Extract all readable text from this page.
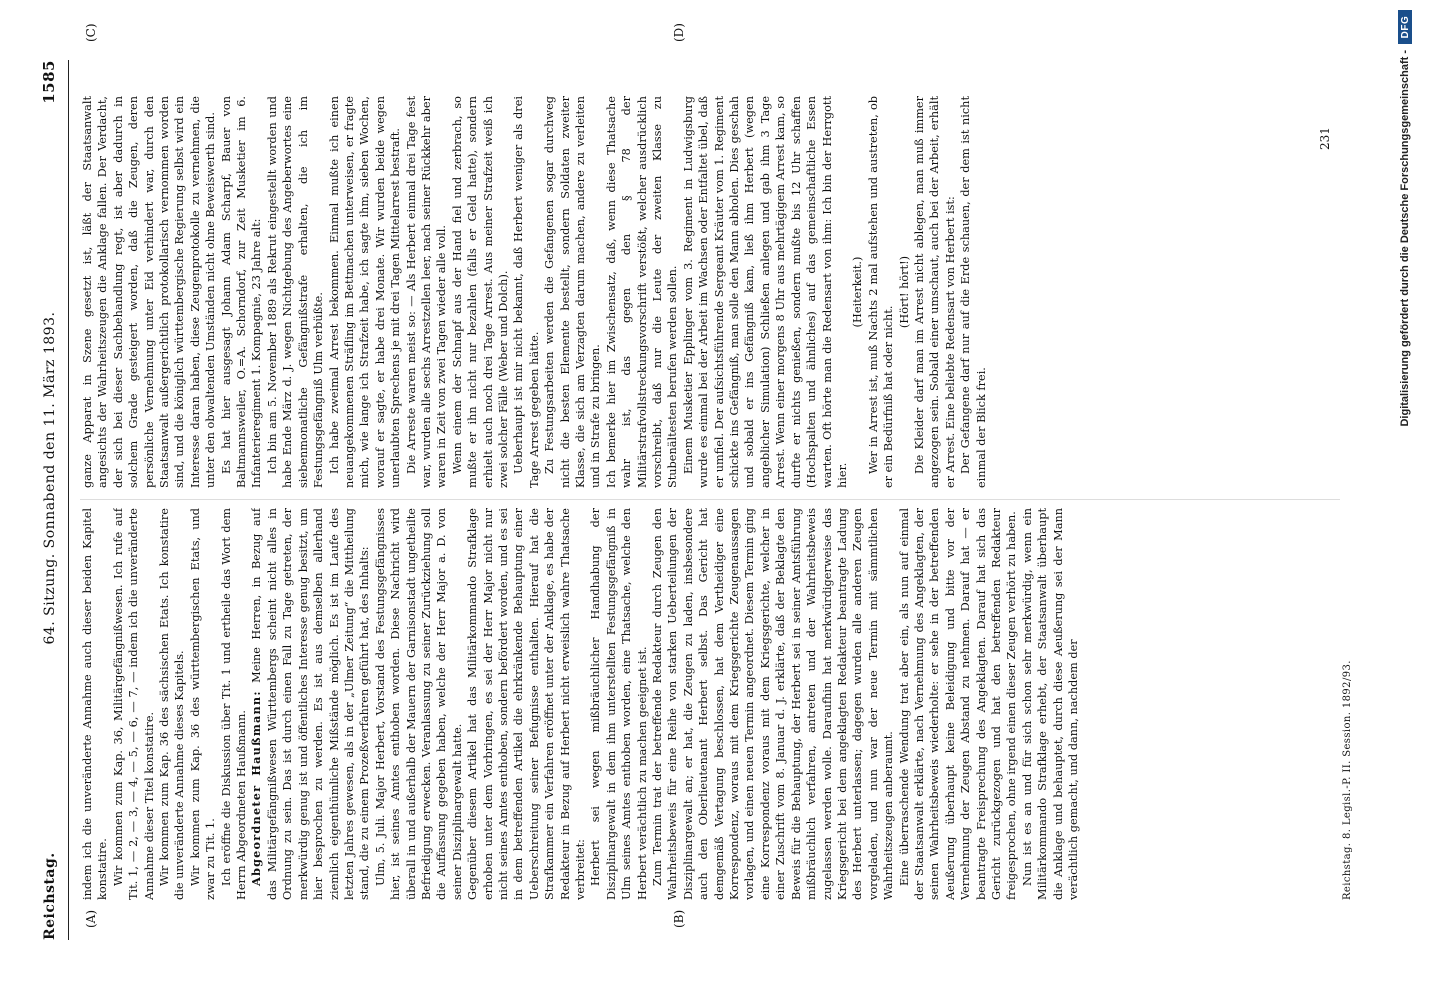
Reichstag.
64. Sitzung. Sonnabend den 11. März 1893.
1585
(A)	(B)
(C)	(D)

indem ich die unveränderte Annahme auch dieser beiden Kapitel konstatire. Wir kommen zum Kap. 36, Militärgefängnißwesen. Ich rufe auf Tit. 1, — 2, — 3, — 4, — 5, — 6, — 7, — indem ich die unveränderte Annahme dieser Titel konstatire. Wir kommen zum Kap. 36 des sächsischen Etats. Ich konstatire die unveränderte Annahme dieses Kapitels. Wir kommen zum Kap. 36 des württembergischen Etats, und zwar zu Tit. 1. Ich eröffne die Diskussion über Tit. 1 und ertheile das Wort dem Herrn Abgeordneten Haußmann. Abgeordneter Haußmann: Meine Herren, in Bezug auf das Militärgefängnißwesen Württembergs scheint nicht alles in Ordnung zu sein. Das ist durch einen Fall zu Tage getreten, der merkwürdig genug ist und öffentliches Interesse genug besitzt, um hier besprochen zu werden. Es ist aus demselben allerhand ziemlich eigenthümliche Mißstände möglich. Es ist im Laufe des letzten Jahres gewesen, als in der „Ulmer Zeitung“ die Mittheilung stand, die zu einem Prozeßverfahren geführt hat, des Inhalts: Ulm, 5. Juli. Major Herbert, Vorstand des Festungsgefängnisses hier, ist seines Amtes enthoben worden. Diese Nachricht wird überall in und außerhalb der Mauern der Garnisonstadt ungetheilte Befriedigung erwecken. Veranlassung zu seiner Zurückziehung soll die Auffassung gegeben haben, welche der Herr Major a. D. von seiner Disziplinargewalt hatte. Gegenüber diesem Artikel hat das Militärkommando Strafklage erhoben unter dem Vorbringen, es sei der Herr Major nicht nur nicht seines Amtes enthoben, sondern befördert worden, und es sei in dem betreffenden Artikel die ehrkränkende Behauptung einer Ueberschreitung seiner Befugnisse enthalten. Hierauf hat die Strafkammer ein Verfahren eröffnet unter der Anklage, es habe der Redakteur in Bezug auf Herbert nicht erweislich wahre Thatsache verbreitet: Herbert sei wegen mißbräuchlicher Handhabung der Disziplinargewalt in dem ihm unterstellten Festungsgefängniß in Ulm seines Amtes enthoben worden, eine Thatsache, welche den Herbert verächtlich zu machen geeignet ist. Zum Termin trat der betreffende Redakteur durch Zeugen den Wahrheitsbeweis für eine Reihe von starken Ueberteilungen der Disziplinargewalt an; er hat, die Zeugen zu laden, insbesondere auch den Oberlieutenant Herbert selbst. Das Gericht hat demgemäß Vertagung beschlossen, hat dem Vertheidiger eine Korrespondenz, woraus mit dem Kriegsgerichte Zeugenaussagen vorlagen, und einen neuen Termin angeordnet. Diesem Termin ging eine Korrespondenz voraus mit dem Kriegsgerichte, welcher in einer Zuschrift vom 8. Januar d. J. erklärte, daß der Beklagte den Beweis für die Behauptung, der Herbert sei in seiner Amtsführung mißbräuchlich verfahren, antreten und der Wahrheitsbeweis zugelassen werden wolle. Daraufhin hat merkwürdigerweise das Kriegsgericht bei dem angeklagten Redakteur beantragte Ladung des Herbert unterlassen; dagegen wurden alle anderen Zeugen vorgeladen, und nun war der neue Termin mit sämmtlichen Wahrheitszeugen anberaumt. Eine überraschende Wendung trat aber ein, als nun auf einmal der Staatsanwalt erklärte, nach Vernehmung des Angeklagten, der seinen Wahrheitsbeweis wiederholte: er sehe in der betreffenden Aeußerung überhaupt keine Beleidigung und bitte vor der Vernehmung der Zeugen Abstand zu nehmen. Darauf hat — er beantragte Freisprechung des Angeklagten. Darauf hat sich das Gericht zurückgezogen und hat den betreffenden Redakteur freigesprochen, ohne irgend einen dieser Zeugen verhört zu haben. Nun ist es an und für sich schon sehr merkwürdig, wenn ein Militärkommando Strafklage erhebt, der Staatsanwalt überhaupt die Anklage und behauptet, durch diese Aeußerung sei der Mann verächtlich gemacht, und dann, nachdem der

ganze Apparat in Szene gesetzt ist, läßt der Staatsanwalt angesichts der Wahrheitszeugen die Anklage fallen. Der Verdacht, der sich bei dieser Sachbehandlung regt, ist aber dadurch in solchem Grade gesteigert worden, daß die Zeugen, deren persönliche Vernehmung unter Eid verhindert war, durch den Staatsanwalt außergerichtlich protokollarisch vernommen worden sind, und die königlich württembergische Regierung selbst wird ein Interesse daran haben, diese Zeugenprotokolle zu vernehmen, die unter den obwaltenden Umständen nicht ohne Beweiswerth sind. Es hat hier ausgesagt Johann Adam Scharpf, Bauer von Baltmannsweiler, O.=A. Schorndorf, zur Zeit Musketier im 6. Infanterieregiment 1. Kompagnie, 23 Jahre alt: Ich bin am 5. November 1889 als Rekrut eingestellt worden und habe Ende März d. J. wegen Nichtgebung des Angeberwortes eine siebenmonatliche Gefängnißstrafe erhalten, die ich im Festungsgefängniß Ulm verbüßte. Ich habe zweimal Arrest bekommen. Einmal mußte ich einen neuangekommenen Sträfling im Bettmachen unterweisen, er fragte mich, wie lange ich Strafzeit habe, ich sagte ihm, sieben Wochen, worauf er sagte, er habe drei Monate. Wir wurden beide wegen unerlaubten Sprechens je mit drei Tagen Mittelarrest bestraft. Die Arreste waren meist so: — Als Herbert einmal drei Tage fest war, wurden alle sechs Arrestzellen leer, nach seiner Rückkehr aber waren in Zeit von zwei Tagen wieder alle voll. Wenn einem der Schnapf aus der Hand fiel und zerbrach, so mußte er ihn nicht nur bezahlen (falls er Geld hatte), sondern erhielt auch noch drei Tage Arrest. Aus meiner Strafzeit weiß ich zwei solcher Fälle (Weber und Dolch). Ueberhaupt ist mir nicht bekannt, daß Herbert weniger als drei Tage Arrest gegeben hätte. Zu Festungsarbeiten werden die Gefangenen sogar durchweg nicht die besten Elemente bestellt, sondern Soldaten zweiter Klasse, die sich am Verzagten darum machen, andere zu verleiten und in Strafe zu bringen. Ich bemerke hier im Zwischensatz, daß, wenn diese Thatsache wahr ist, das gegen den § 78 der Militärstrafvollstreckungsvorschrift verstößt, welcher ausdrücklich vorschreibt, daß nur die Leute der zweiten Klasse zu Stubenältesten berufen werden sollen. Einem Musketier Epplinger vom 3. Regiment in Ludwigsburg wurde es einmal bei der Arbeit im Wachsen oder Entfaltet übel, daß er umfiel. Der aufsichtsführende Sergeant Kräuter vom 1. Regiment schickte ins Gefängniß, man solle den Mann abholen. Dies geschah und sobald er ins Gefängniß kam, ließ ihm Herbert (wegen angeblicher Simulation) Schließen anlegen und gab ihm 3 Tage Arrest. Wenn einer morgens 8 Uhr aus mehrtägigem Arrest kam, so durfte er nichts genießen, sondern mußte bis 12 Uhr schaffen (Hochspalten und ähnliches) auf das gemeinschaftliche Essen warten. Oft hörte man die Redensart von ihm: Ich bin der Herrgott hier.

(Heiterkeit.) Wer in Arrest ist, muß Nachts 2 mal aufstehen und austreten, ob er ein Bedürfniß hat oder nicht.

(Hört! hört!) Die Kleider darf man im Arrest nicht ablegen, man muß immer angezogen sein. Sobald einer umschaut, auch bei der Arbeit, erhält er Arrest. Eine beliebte Redensart von Herbert ist: Der Gefangene darf nur auf die Erde schauen, der dem ist nicht einmal der Blick frei.

231
Reichstag. 8. Legisl.-P. II. Session. 1892/93.
Digitalisierung gefördert durch die Deutsche Forschungsgemeinschaft -
DFG
